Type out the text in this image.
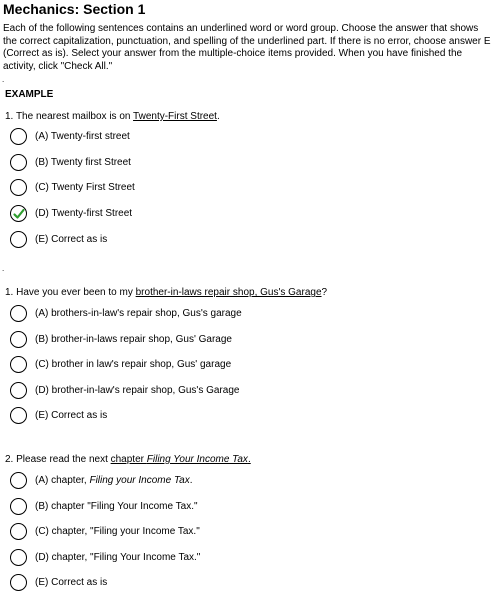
Mechanics: Section 1
Each of the following sentences contains an underlined word or word group. Choose the answer that shows the correct capitalization, punctuation, and spelling of the underlined part. If there is no error, choose answer E (Correct as is). Select your answer from the multiple-choice items provided. When you have finished the activity, click "Check All."
.
EXAMPLE
1. The nearest mailbox is on Twenty-First Street.
(A) Twenty-first street
(B) Twenty first Street
(C) Twenty First Street
(D) Twenty-first Street
(E) Correct as is
.
1. Have you ever been to my brother-in-laws repair shop, Gus's Garage?
(A) brothers-in-law's repair shop, Gus's garage
(B) brother-in-laws repair shop, Gus' Garage
(C) brother in law's repair shop, Gus' garage
(D) brother-in-law's repair shop, Gus's Garage
(E) Correct as is
2. Please read the next chapter Filing Your Income Tax.
(A) chapter, Filing your Income Tax.
(B) chapter "Filing Your Income Tax."
(C) chapter, "Filing your Income Tax."
(D) chapter, "Filing Your Income Tax."
(E) Correct as is
